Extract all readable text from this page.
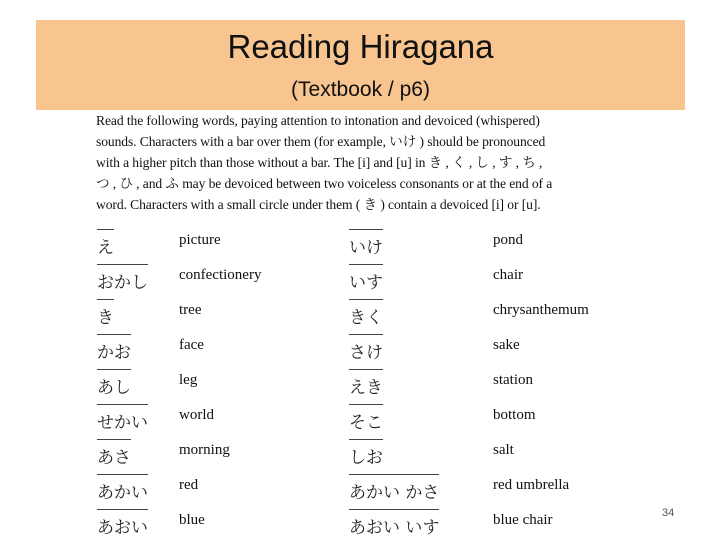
Reading Hiragana
(Textbook / p6)

Read the following words, paying attention to intonation and devoiced (whispered)

sounds. Characters with a bar over them (for example, いけ ) should be pronounced

with a higher pitch than those without a bar. The [i] and [u] in き , く , し , す , ち ,

つ , ひ , and ふ may be devoiced between two voiceless consonants or at the end of a

word. Characters with a small circle under them ( き ) contain a devoiced [i] or [u].

え	picture	いけ	pond
おかし confectionery	いす	chair
き	tree	きく	chrysanthemum
かお	face	さけ	sake
あし	leg	えき	station
せかい world	そこ	bottom
あさ	morning	しお	salt
あかい red	あかい かさ	red umbrella
あおい blue	あおい いす	blue chair	34
